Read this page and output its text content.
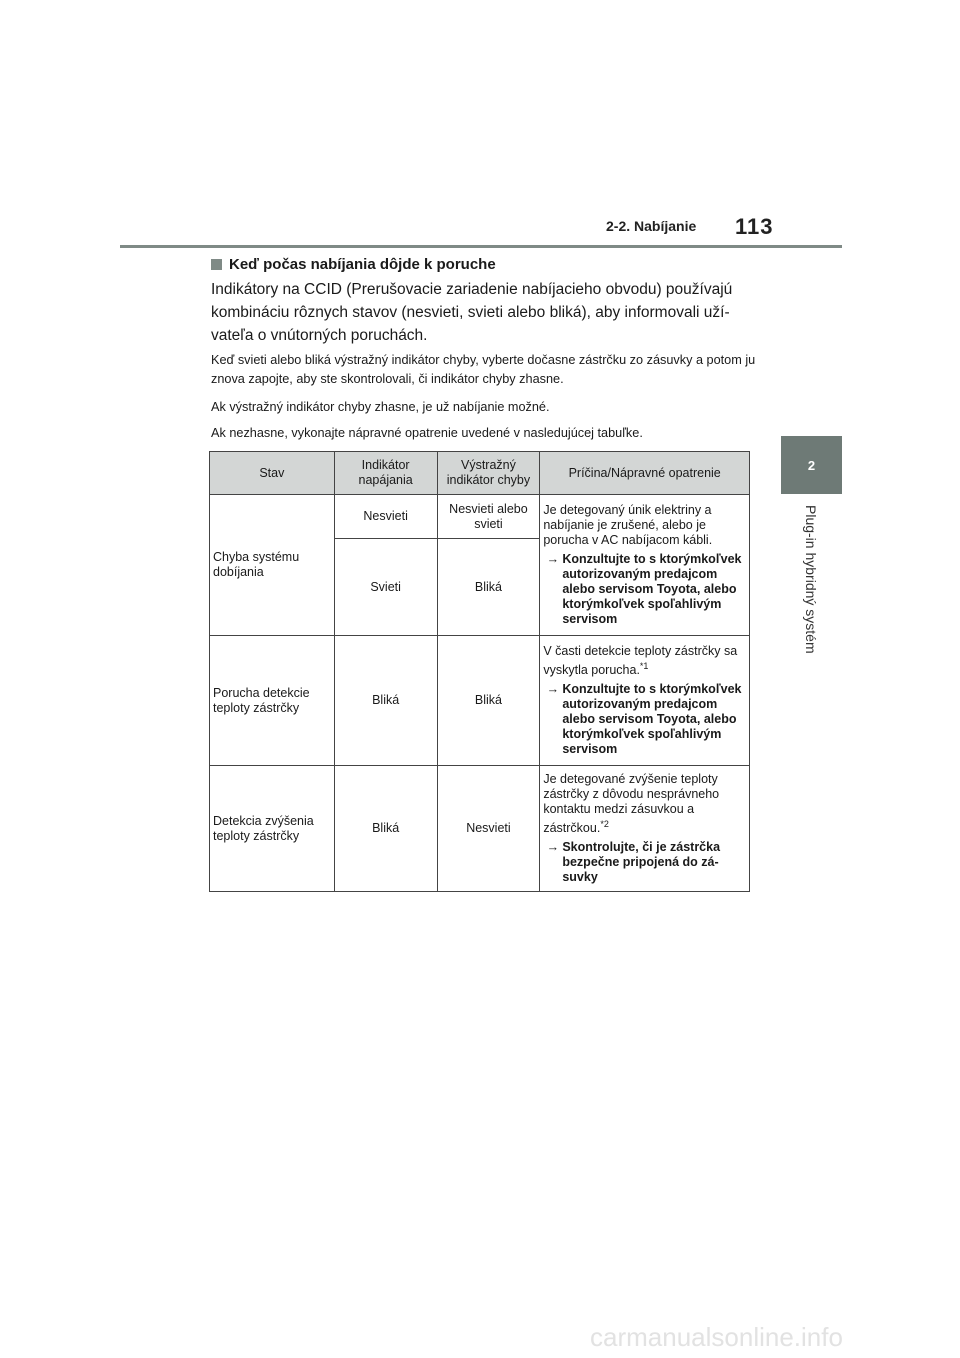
2-2. Nabíjanie 113
2
Plug-in hybridný systém
Keď počas nabíjania dôjde k poruche

Indikátory na CCID (Prerušovacie zariadenie nabíjacieho obvodu) používajú kombináciu rôznych stavov (nesvieti, svieti alebo bliká), aby informovali užívateľa o vnútorných poruchách.

Keď svieti alebo bliká výstražný indikátor chyby, vyberte dočasne zástrčku zo zásuvky a potom ju znova zapojte, aby ste skontrolovali, či indikátor chyby zhasne.

Ak výstražný indikátor chyby zhasne, je už nabíjanie možné.

Ak nezhasne, vykonajte nápravné opatrenie uvedené v nasledujúcej tabuľke.

Stav	Indikátor napájania	Výstražný indikátor chyby	Príčina/Nápravné opatrenie
Chyba systému dobíjania	Nesvieti	Nesvieti alebo svieti	Je detegovaný únik elektriny a nabíjanie je zrušené, alebo je porucha v AC nabíjacom kábli.
→ Konzultujte to s ktorýmkoľvek autorizovaným predajcom alebo servisom Toyota, alebo ktorýmkoľvek spoľahlivým servisom

	Svieti	Bliká	
Porucha detekcie teploty zástrčky	Bliká	Bliká	V časti detekcie teploty zástrčky sa vyskytla porucha.$^{*1}$
→ Konzultujte to s ktorýmkoľvek autorizovaným predajcom alebo servisom Toyota, alebo ktorýmkoľvek spoľahlivým servisom

Detekcia zvýšenia teploty zástrčky	Bliká	Nesvieti	Je detegované zvýšenie teploty zástrčky z dôvodu nesprávneho kontaktu medzi zásuvkou a zástrčkou.$^{*2}$
→ Skontrolujte, či je zástrčka bezpečne pripojená do zásuvky
carmanualsonline.info
